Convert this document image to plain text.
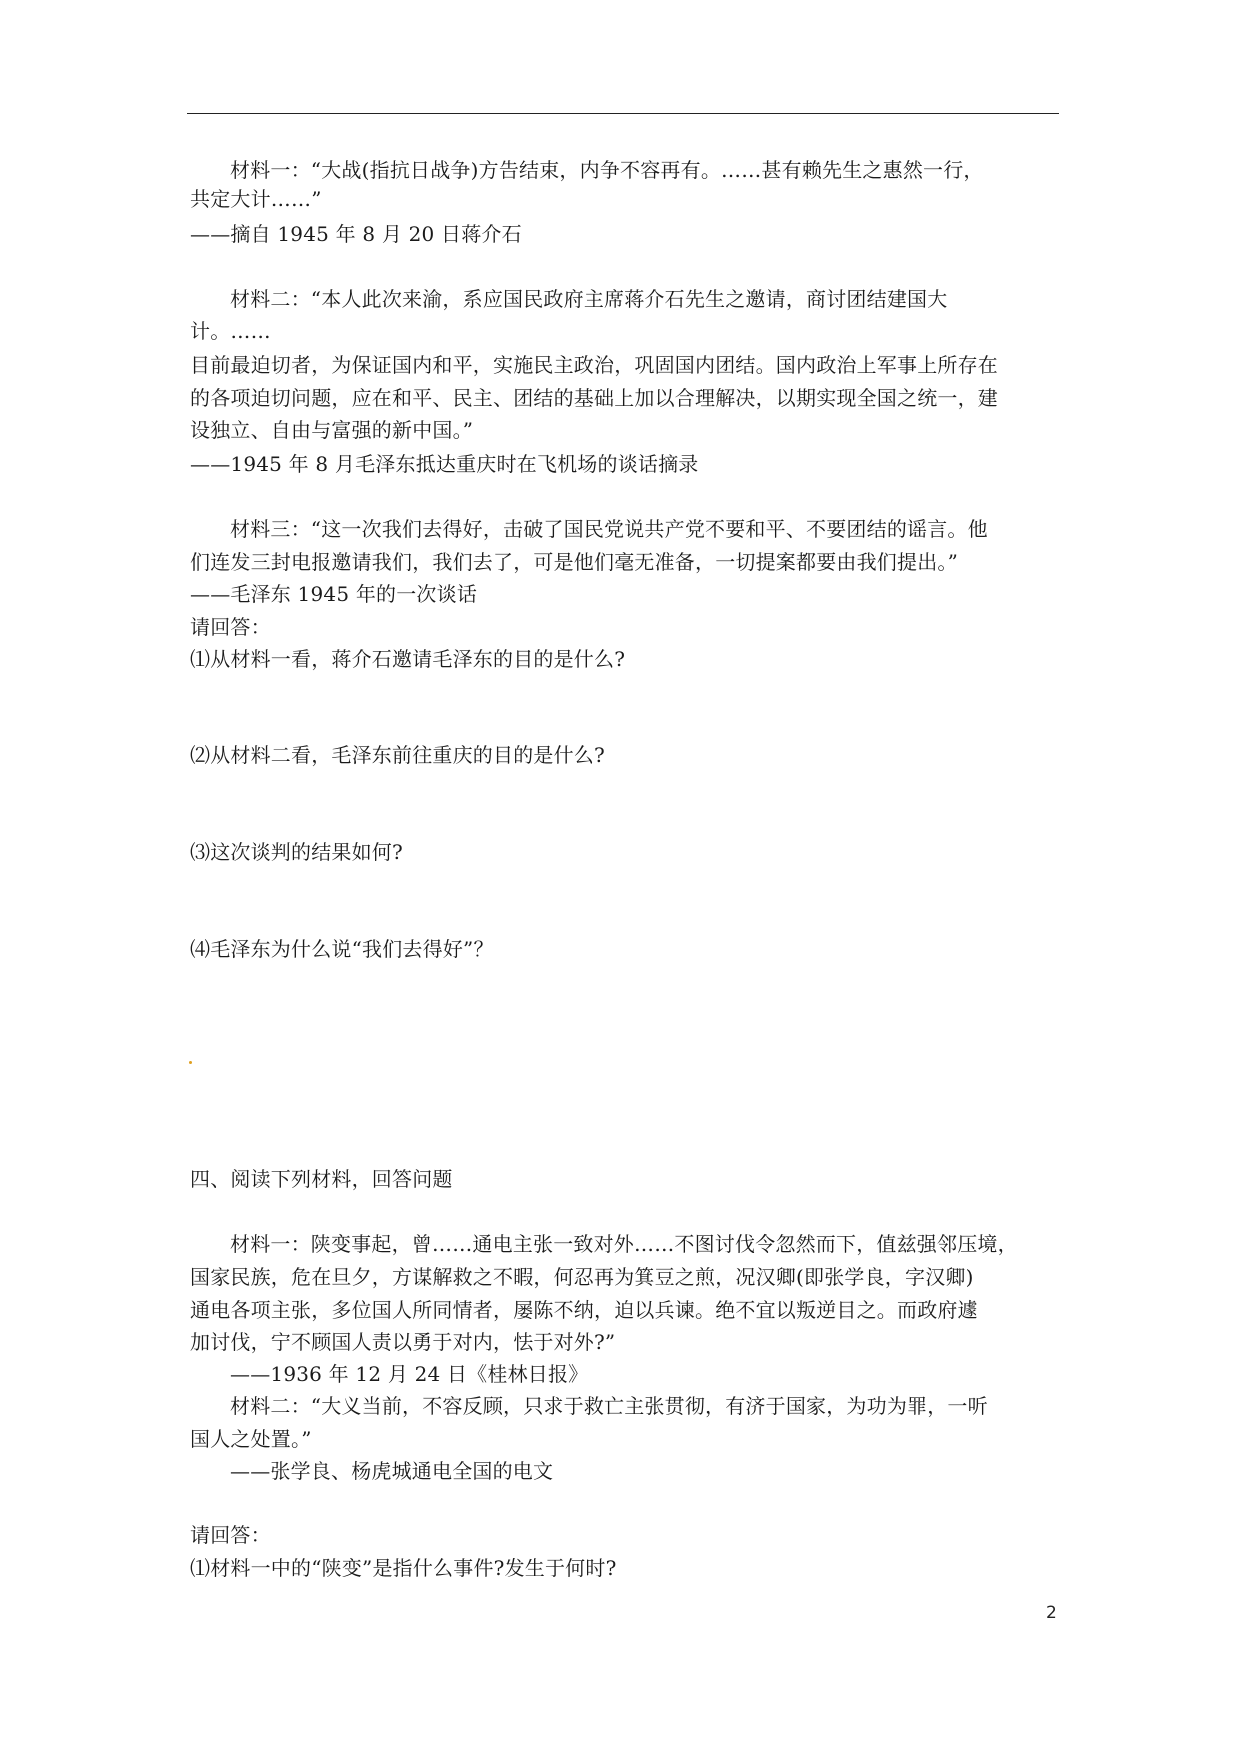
材料一：“大战(指抗日战争)方告结束，内争不容再有。……甚有赖先生之惠然一行，
共定大计……”
——摘自 1945 年 8 月 20 日蒋介石
材料二：“本人此次来渝，系应国民政府主席蒋介石先生之邀请，商讨团结建国大
计。……
目前最迫切者，为保证国内和平，实施民主政治，巩固国内团结。国内政治上军事上所存在
的各项迫切问题，应在和平、民主、团结的基础上加以合理解决，以期实现全国之统一，建
设独立、自由与富强的新中国。”
——1945 年 8 月毛泽东抵达重庆时在飞机场的谈话摘录
材料三：“这一次我们去得好，击破了国民党说共产党不要和平、不要团结的谣言。他
们连发三封电报邀请我们，我们去了，可是他们毫无准备，一切提案都要由我们提出。”
——毛泽东 1945 年的一次谈话
请回答：
⑴从材料一看，蒋介石邀请毛泽东的目的是什么?
⑵从材料二看，毛泽东前往重庆的目的是什么?
⑶这次谈判的结果如何?
⑷毛泽东为什么说“我们去得好”？
四、阅读下列材料，回答问题
材料一：陕变事起，曾……通电主张一致对外……不图讨伐令忽然而下，值兹强邻压境，
国家民族，危在旦夕，方谋解救之不暇，何忍再为箕豆之煎，况汉卿(即张学良，字汉卿)
通电各项主张，多位国人所同情者，屡陈不纳，迫以兵谏。绝不宜以叛逆目之。而政府遽
加讨伐，宁不顾国人责以勇于对内，怯于对外?”
——1936 年 12 月 24 日《桂林日报》
材料二：“大义当前，不容反顾，只求于救亡主张贯彻，有济于国家，为功为罪，一听
国人之处置。”
——张学良、杨虎城通电全国的电文
请回答：
⑴材料一中的“陕变”是指什么事件?发生于何时?
2
